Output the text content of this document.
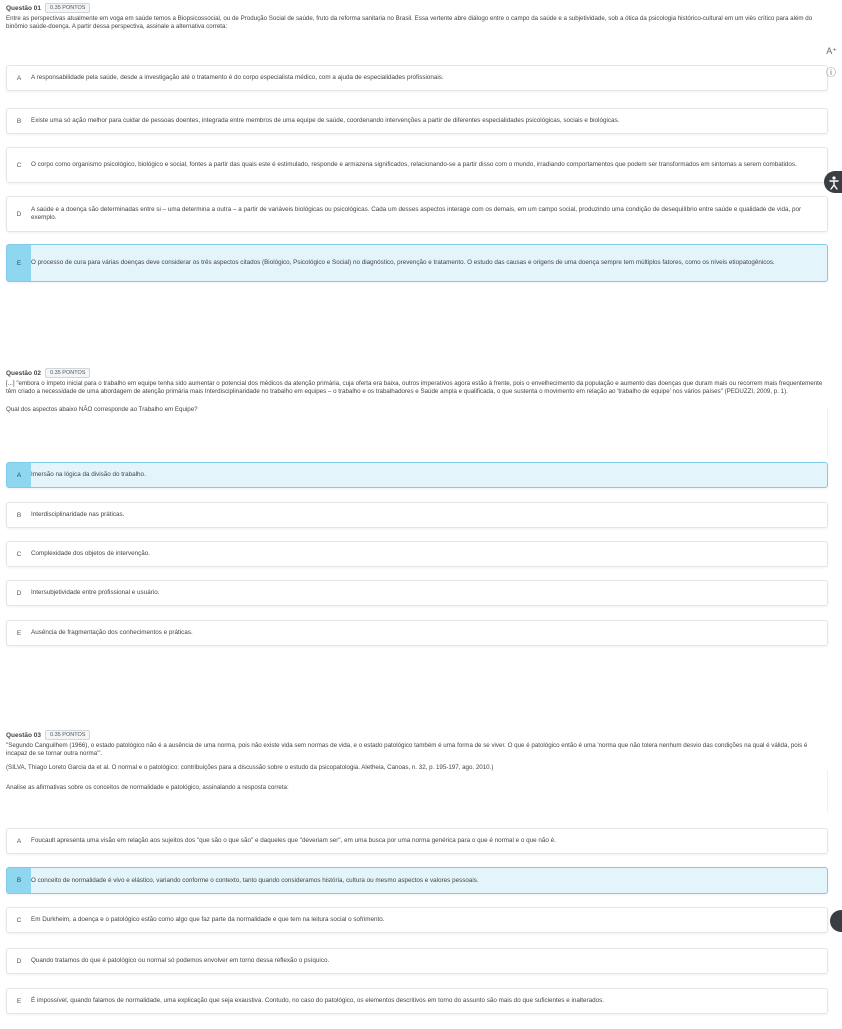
Questão 01	0.35 PONTOS
Entre as perspectivas atualmente em voga em saúde temos a Biopsicossocial, ou de Produção Social de saúde, fruto da reforma sanitaria no Brasil. Essa vertente abre diálogo entre o campo da saúde e a subjetividade, sob a ótica da psicologia histórico-cultural em um viés crítico para além do binômio saúde-doença. A partir dessa perspectiva, assinale a alternativa correta:
A	A responsabilidade pela saúde, desde a investigação até o tratamento é do corpo especialista médico, com a ajuda de especialidades profissionais.
B	Existe uma só ação melhor para cuidar de pessoas doentes, integrada entre membros de uma equipe de saúde, coordenando intervenções a partir de diferentes especialidades psicológicas, sociais e biológicas.
C	O corpo como organismo psicológico, biológico e social, fontes a partir das quais este é estimulado, responde e armazena significados, relacionando-se a partir disso com o mundo, irradiando comportamentos que podem ser transformados em sintomas a serem combatidos.
D
A saúde e a doença são determinadas entre si – uma determina a outra – a partir de variáveis biológicas ou psicológicas. Cada um desses aspectos interage com os demais, em um campo social, produzindo uma condição de desequilíbrio entre saúde e qualidade de vida, por exemplo.
E	O processo de cura para várias doenças deve considerar os três aspectos citados (Biológico, Psicológico e Social) no diagnóstico, prevenção e tratamento. O estudo das causas e origens de uma doença sempre tem múltiplos fatores, como os níveis etiopatogênicos.
A⁺
ⓘ
Questão 02	0.35 PONTOS
[...] "embora o ímpeto inicial para o trabalho em equipe tenha sido aumentar o potencial dos médicos da atenção primária, cuja oferta era baixa, outros imperativos agora estão à frente, pois o envelhecimento da população e aumento das doenças que duram mais ou recorrem mais frequentemente têm criado a necessidade de uma abordagem de atenção primária mais Interdisciplinaridade no trabalho em equipes – o trabalho e os trabalhadores e Saúde ampla e qualificada, o que sustenta o movimento em relação ao 'trabalho de equipe' nos vários países" (PEDUZZI, 2009, p. 1).
Qual dos aspectos abaixo NÃO corresponde ao Trabalho em Equipe?
A	Imersão na lógica da divisão do trabalho.
B	Interdisciplinaridade nas práticas.
C	Complexidade dos objetos de intervenção.
D	Intersubjetividade entre profissional e usuário.
E	Ausência de fragmentação dos conhecimentos e práticas.
Questão 03	0.35 PONTOS
"Segundo Canguilhem (1966), o estado patológico não é a ausência de uma norma, pois não existe vida sem normas de vida, e o estado patológico também é uma forma de se viver. O que é patológico então é uma 'norma que não tolera nenhum desvio das condições na qual é válida, pois é incapaz de se tornar outra norma'".
(SILVA, Thiago Loreto Garcia da et al. O normal e o patológico: contribuições para a discussão sobre o estudo da psicopatologia. Aletheia, Canoas, n. 32, p. 195-197, ago. 2010.)
Analise as afirmativas sobre os conceitos de normalidade e patológico, assinalando a resposta correta:
A	Foucault apresenta uma visão em relação aos sujeitos dos "que são o que são" e daqueles que "deveriam ser", em uma busca por uma norma genérica para o que é normal e o que não é.
B	O conceito de normalidade é vivo e elástico, variando conforme o contexto, tanto quando consideramos história, cultura ou mesmo aspectos e valores pessoais.
C	Em Durkheim, a doença e o patológico estão como algo que faz parte da normalidade e que tem na leitura social o sofrimento.
D	Quando tratamos do que é patológico ou normal só podemos envolver em torno dessa reflexão o psíquico.
E	É impossível, quando falamos de normalidade, uma explicação que seja exaustiva. Contudo, no caso do patológico, os elementos descritivos em torno do assunto são mais do que suficientes e inalterados.
